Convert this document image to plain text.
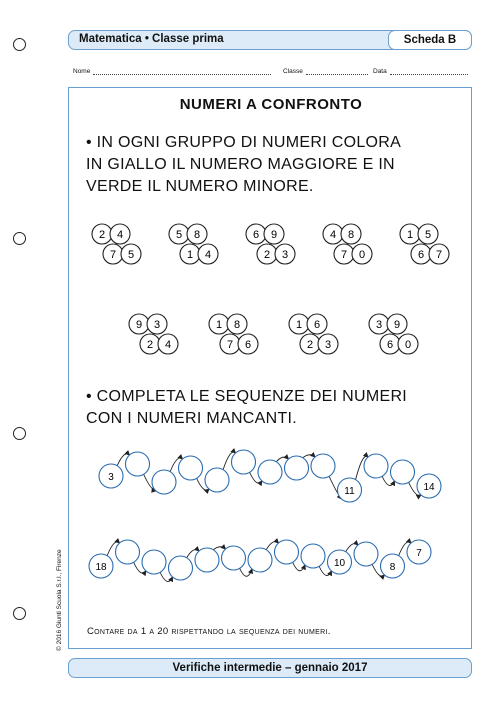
Matematica • Classe prima	Scheda B
Nome	Classe	Data
NUMERI A CONFRONTO
• IN OGNI GRUPPO DI NUMERI COLORA
IN GIALLO IL NUMERO MAGGIORE E IN
VERDE IL NUMERO MINORE.
2 4
7 5
5 8
1 4
6 9
2 3
4 8
7 0
1 5
6 7
9 3
2 4
1 8
7 6
1 6
2 3
3 9
6 0
• COMPLETA LE SEQUENZE DEI NUMERI
CON I NUMERI MANCANTI.
3
11	14
18	10	8
7
Contare da 1 a 20 rispettando la sequenza dei numeri.
Verifiche intermedie – gennaio 2017
© 2016 Giunti Scuola S.r.l., Firenze
